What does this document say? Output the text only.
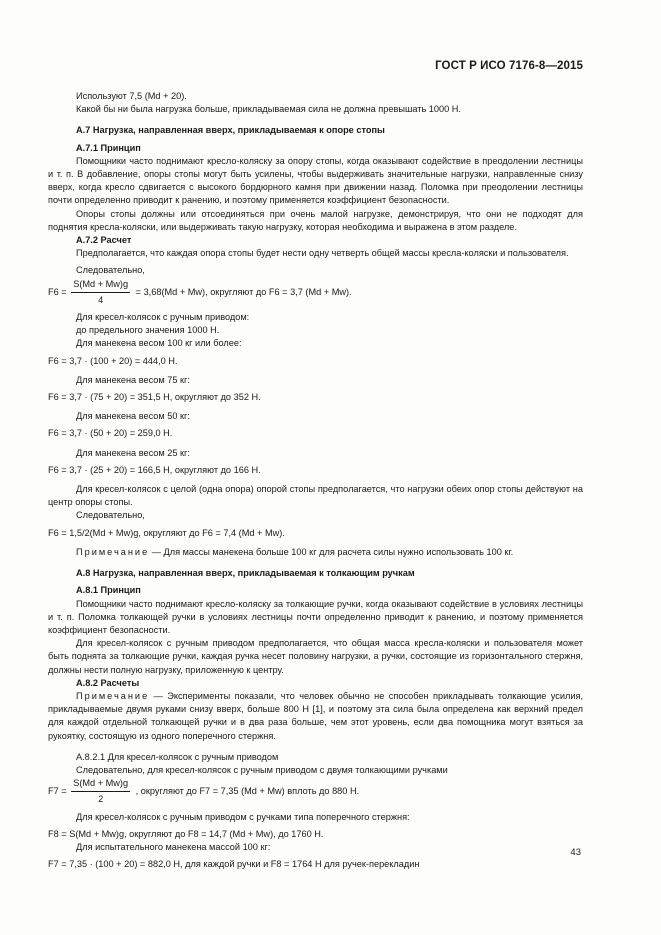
ГОСТ Р ИСО 7176-8—2015

Используют 7,5 (Md + 20).

Какой бы ни была нагрузка больше, прикладываемая сила не должна превышать 1000 Н.

А.7 Нагрузка, направленная вверх, прикладываемая к опоре стопы

А.7.1 Принцип

Помощники часто поднимают кресло-коляску за опору стопы, когда оказывают содействие в преодолении лестницы и т. п. В добавление, опоры стопы могут быть усилены, чтобы выдерживать значительные нагрузки, направленные снизу вверх, когда кресло сдвигается с высокого бордюрного камня при движении назад. Поломка при преодолении лестницы почти определенно приводит к ранению, и поэтому применяется коэффициент безопасности.

Опоры стопы должны или отсоединяться при очень малой нагрузке, демонстрируя, что они не подходят для поднятия кресла-коляски, или выдерживать такую нагрузку, которая необходима и выражена в этом разделе.

А.7.2 Расчет

Предполагается, что каждая опора стопы будет нести одну четверть общей массы кресла-коляски и пользователя.

Следовательно,

$F6 = \frac{S(Md + Mw)g}{4} = 3,68(Md + Mw)$, округляют до F6 = 3,7 (Md + Mw).

Для кресел-колясок с ручным приводом:

до предельного значения 1000 Н.

Для манекена весом 100 кг или более:

F6 = 3,7 · (100 + 20) = 444,0 Н.

Для манекена весом 75 кг:

F6 = 3,7 · (75 + 20) = 351,5 Н, округляют до 352 Н.

Для манекена весом 50 кг:

F6 = 3,7 · (50 + 20) = 259,0 Н.

Для манекена весом 25 кг:

F6 = 3,7 · (25 + 20) = 166,5 Н, округляют до 166 Н.

Для кресел-колясок с целой (одна опора) опорой стопы предполагается, что нагрузки обеих опор стопы действуют на центр опоры стопы.

Следовательно,

F6 = 1,5/2(Md + Mw)g, округляют до F6 = 7,4 (Md + Mw).

Примечание — Для массы манекена больше 100 кг для расчета силы нужно использовать 100 кг.

А.8 Нагрузка, направленная вверх, прикладываемая к толкающим ручкам

А.8.1 Принцип

Помощники часто поднимают кресло-коляску за толкающие ручки, когда оказывают содействие в условиях лестницы и т. п. Поломка толкающей ручки в условиях лестницы почти определенно приводит к ранению, и поэтому применяется коэффициент безопасности.

Для кресел-колясок с ручным приводом предполагается, что общая масса кресла-коляски и пользователя может быть поднята за толкающие ручки, каждая ручка несет половину нагрузки, а ручки, состоящие из горизонтального стержня, должны нести полную нагрузку, приложенную к центру.

А.8.2 Расчеты

Примечание — Эксперименты показали, что человек обычно не способен прикладывать толкающие усилия, прикладываемые двумя руками снизу вверх, больше 800 Н [1], и поэтому эта сила была определена как верхний предел для каждой отдельной толкающей ручки и в два раза больше, чем этот уровень, если два помощника могут взяться за рукоятку, состоящую из одного поперечного стержня.

А.8.2.1 Для кресел-колясок с ручным приводом

Следовательно, для кресел-колясок с ручным приводом с двумя толкающими ручками

$F7 = \frac{S(Md + Mw)g}{2}$ , округляют до F7 = 7,35 (Md + Mw) вплоть до 880 Н.

Для кресел-колясок с ручным приводом с ручками типа поперечного стержня:

F8 = S(Md + Mw)g, округляют до F8 = 14,7 (Md + Mw), до 1760 Н.

Для испытательного манекена массой 100 кг:

F7 = 7,35 · (100 + 20) = 882,0 Н, для каждой ручки и F8 = 1764 Н для ручек-перекладин

43
